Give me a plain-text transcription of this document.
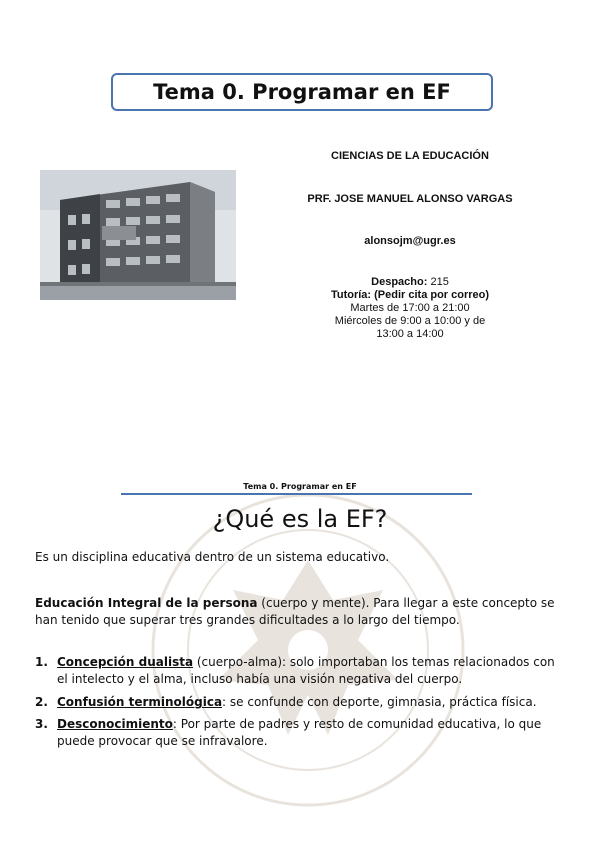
Tema 0. Programar en EF
CIENCIAS DE LA EDUCACIÓN
PRF. JOSE MANUEL ALONSO VARGAS
alonsojm@ugr.es
Despacho: 215
Tutoría: (Pedir cita por correo)
Martes de 17:00 a 21:00
Miércoles de 9:00 a 10:00 y de
13:00 a 14:00
Tema 0. Programar en EF
¿Qué es la EF?
Es un disciplina educativa dentro de un sistema educativo.
Educación Integral de la persona (cuerpo y mente). Para llegar a este concepto se han tenido que superar tres grandes dificultades a lo largo del tiempo.
1. Concepción dualista (cuerpo-alma): solo importaban los temas relacionados con el intelecto y el alma, incluso había una visión negativa del cuerpo.
2. Confusión terminológica: se confunde con deporte, gimnasia, práctica física.
3. Desconocimiento: Por parte de padres y resto de comunidad educativa, lo que puede provocar que se infravalore.
